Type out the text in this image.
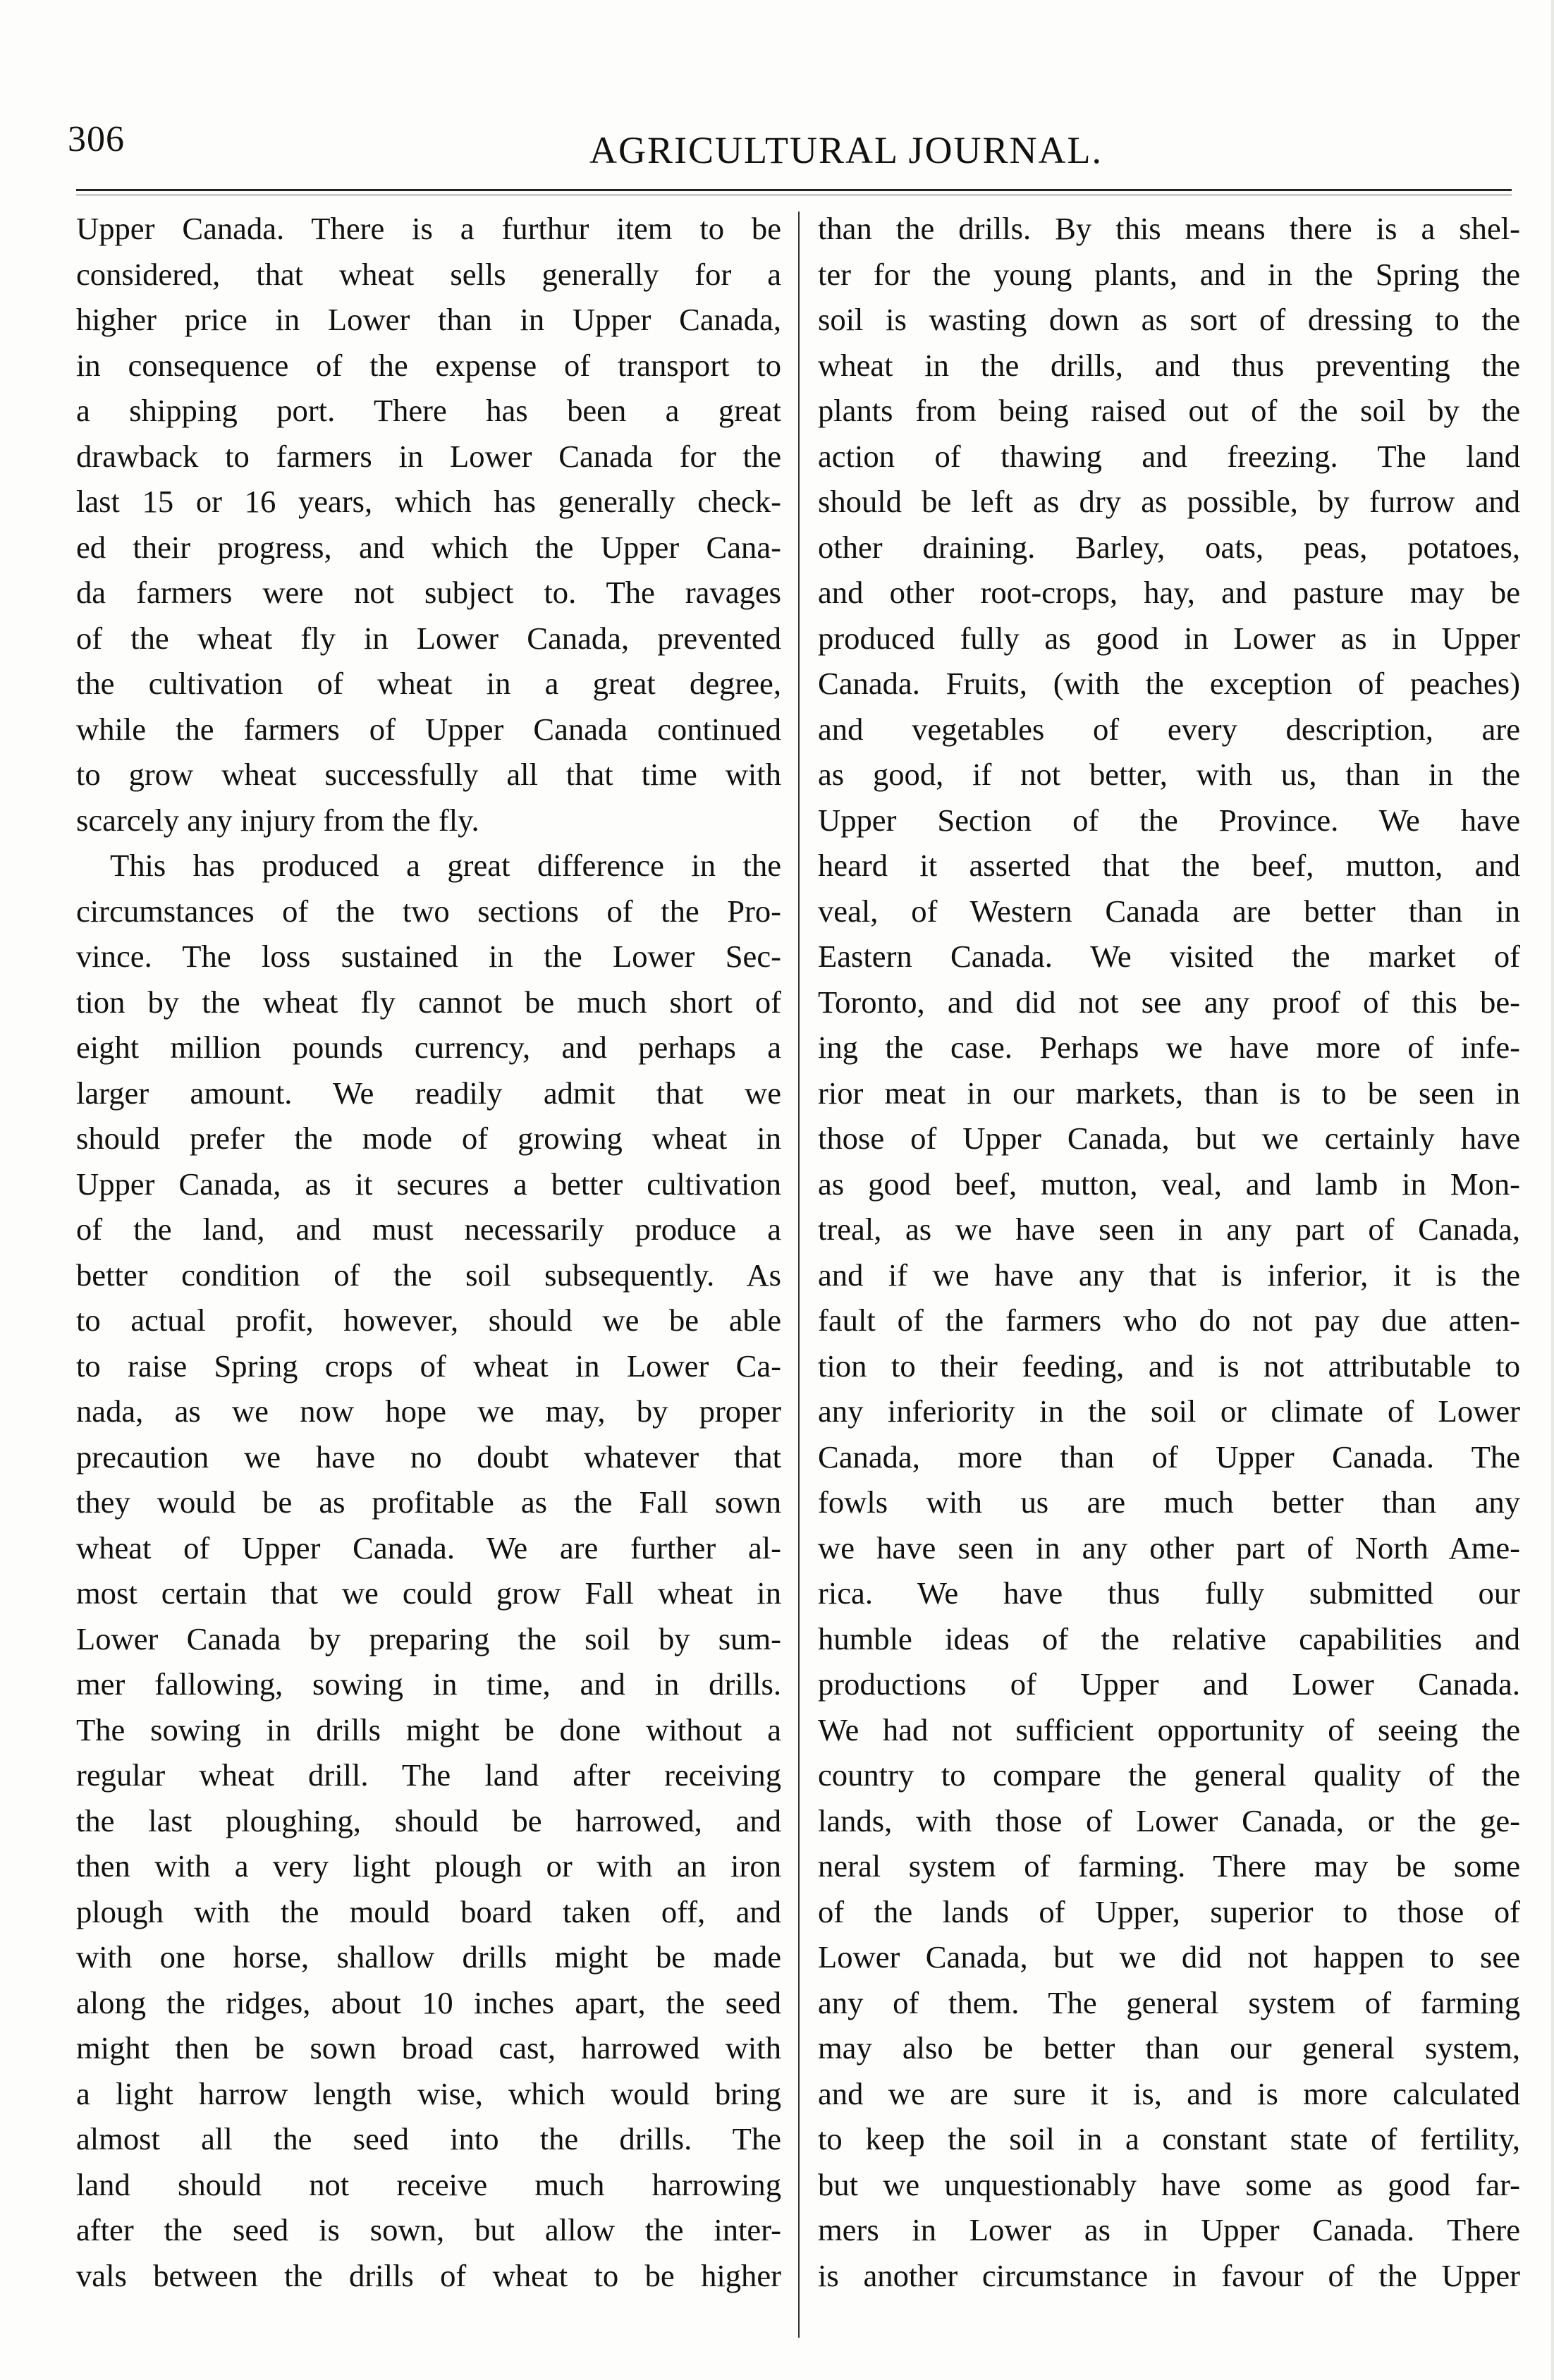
306	AGRICULTURAL JOURNAL.
Upper Canada. There is a furthur item to be
considered, that wheat sells generally for a
higher price in Lower than in Upper Canada,
in consequence of the expense of transport to
a shipping port. There has been a great
drawback to farmers in Lower Canada for the
last 15 or 16 years, which has generally check-
ed their progress, and which the Upper Cana-
da farmers were not subject to. The ravages
of the wheat fly in Lower Canada, prevented
the cultivation of wheat in a great degree,
while the farmers of Upper Canada continued
to grow wheat successfully all that time with
scarcely any injury from the fly.
This has produced a great difference in the
circumstances of the two sections of the Pro-
vince. The loss sustained in the Lower Sec-
tion by the wheat fly cannot be much short of
eight million pounds currency, and perhaps a
larger amount. We readily admit that we
should prefer the mode of growing wheat in
Upper Canada, as it secures a better cultivation
of the land, and must necessarily produce a
better condition of the soil subsequently. As
to actual profit, however, should we be able
to raise Spring crops of wheat in Lower Ca-
nada, as we now hope we may, by proper
precaution we have no doubt whatever that
they would be as profitable as the Fall sown
wheat of Upper Canada. We are further al-
most certain that we could grow Fall wheat in
Lower Canada by preparing the soil by sum-
mer fallowing, sowing in time, and in drills.
The sowing in drills might be done without a
regular wheat drill. The land after receiving
the last ploughing, should be harrowed, and
then with a very light plough or with an iron
plough with the mould board taken off, and
with one horse, shallow drills might be made
along the ridges, about 10 inches apart, the seed
might then be sown broad cast, harrowed with
a light harrow length wise, which would bring
almost all the seed into the drills. The
land should not receive much harrowing
after the seed is sown, but allow the inter-
vals between the drills of wheat to be higher
than the drills. By this means there is a shel-
ter for the young plants, and in the Spring the
soil is wasting down as sort of dressing to the
wheat in the drills, and thus preventing the
plants from being raised out of the soil by the
action of thawing and freezing. The land
should be left as dry as possible, by furrow and
other draining. Barley, oats, peas, potatoes,
and other root-crops, hay, and pasture may be
produced fully as good in Lower as in Upper
Canada. Fruits, (with the exception of peaches)
and vegetables of every description, are
as good, if not better, with us, than in the
Upper Section of the Province. We have
heard it asserted that the beef, mutton, and
veal, of Western Canada are better than in
Eastern Canada. We visited the market of
Toronto, and did not see any proof of this be-
ing the case. Perhaps we have more of infe-
rior meat in our markets, than is to be seen in
those of Upper Canada, but we certainly have
as good beef, mutton, veal, and lamb in Mon-
treal, as we have seen in any part of Canada,
and if we have any that is inferior, it is the
fault of the farmers who do not pay due atten-
tion to their feeding, and is not attributable to
any inferiority in the soil or climate of Lower
Canada, more than of Upper Canada. The
fowls with us are much better than any
we have seen in any other part of North Ame-
rica. We have thus fully submitted our
humble ideas of the relative capabilities and
productions of Upper and Lower Canada.
We had not sufficient opportunity of seeing the
country to compare the general quality of the
lands, with those of Lower Canada, or the ge-
neral system of farming. There may be some
of the lands of Upper, superior to those of
Lower Canada, but we did not happen to see
any of them. The general system of farming
may also be better than our general system,
and we are sure it is, and is more calculated
to keep the soil in a constant state of fertility,
but we unquestionably have some as good far-
mers in Lower as in Upper Canada. There
is another circumstance in favour of the Upper
